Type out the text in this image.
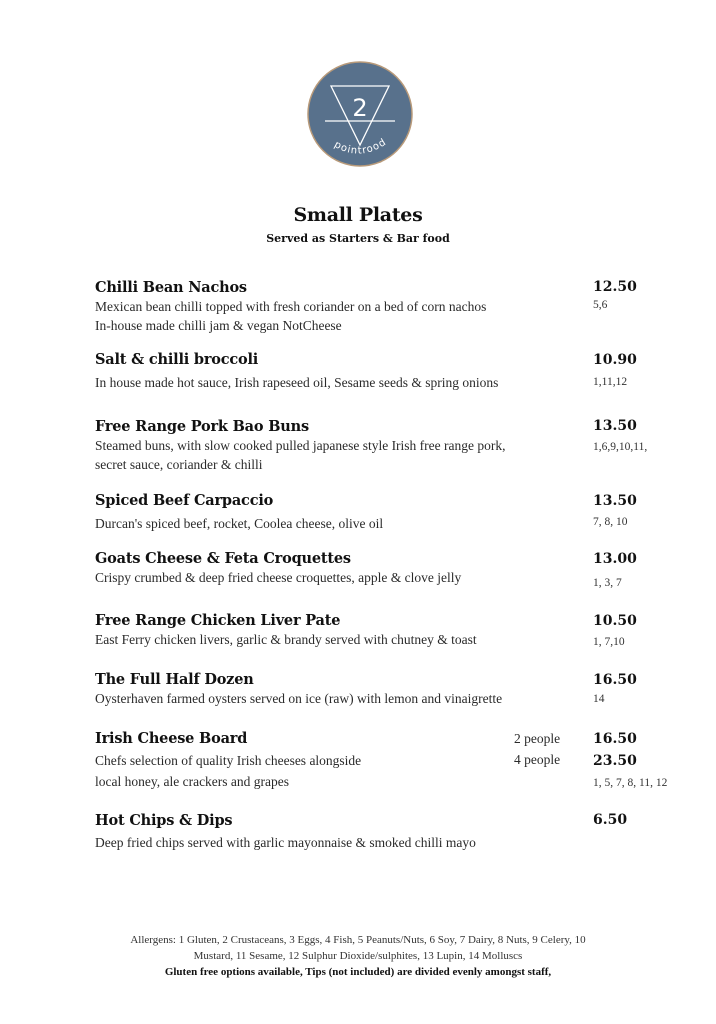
2
pointrood
Small Plates
Served as Starters & Bar food
Chilli Bean Nachos
Mexican bean chilli topped with fresh coriander on a bed of corn nachos
In-house made chilli jam & vegan NotCheese
12.50
5,6
Salt & chilli broccoli
In house made hot sauce, Irish rapeseed oil, Sesame seeds & spring onions
10.90
1,11,12
Free Range Pork Bao Buns
Steamed buns, with slow cooked pulled japanese style Irish free range pork,
secret sauce, coriander & chilli
13.50
1,6,9,10,11,
Spiced Beef Carpaccio
Durcan's spiced beef, rocket, Coolea cheese, olive oil
13.50
7, 8, 10
Goats Cheese & Feta Croquettes
Crispy crumbed & deep fried cheese croquettes, apple & clove jelly
13.00
1, 3, 7
Free Range Chicken Liver Pate
East Ferry chicken livers, garlic & brandy served with chutney & toast
10.50
1, 7,10
The Full Half Dozen
Oysterhaven farmed oysters served on ice (raw) with lemon and vinaigrette
16.50
14
Irish Cheese Board
Chefs selection of quality Irish cheeses alongside
local honey, ale crackers and grapes
2 people
4 people
16.50
23.50
1, 5, 7, 8, 11, 12
Hot Chips & Dips
Deep fried chips served with garlic mayonnaise & smoked chilli mayo
6.50
Allergens: 1 Gluten, 2 Crustaceans, 3 Eggs, 4 Fish, 5 Peanuts/Nuts, 6 Soy, 7 Dairy, 8 Nuts, 9 Celery, 10
Mustard, 11 Sesame, 12 Sulphur Dioxide/sulphites, 13 Lupin, 14 Molluscs
Gluten free options available, Tips (not included) are divided evenly amongst staff,
